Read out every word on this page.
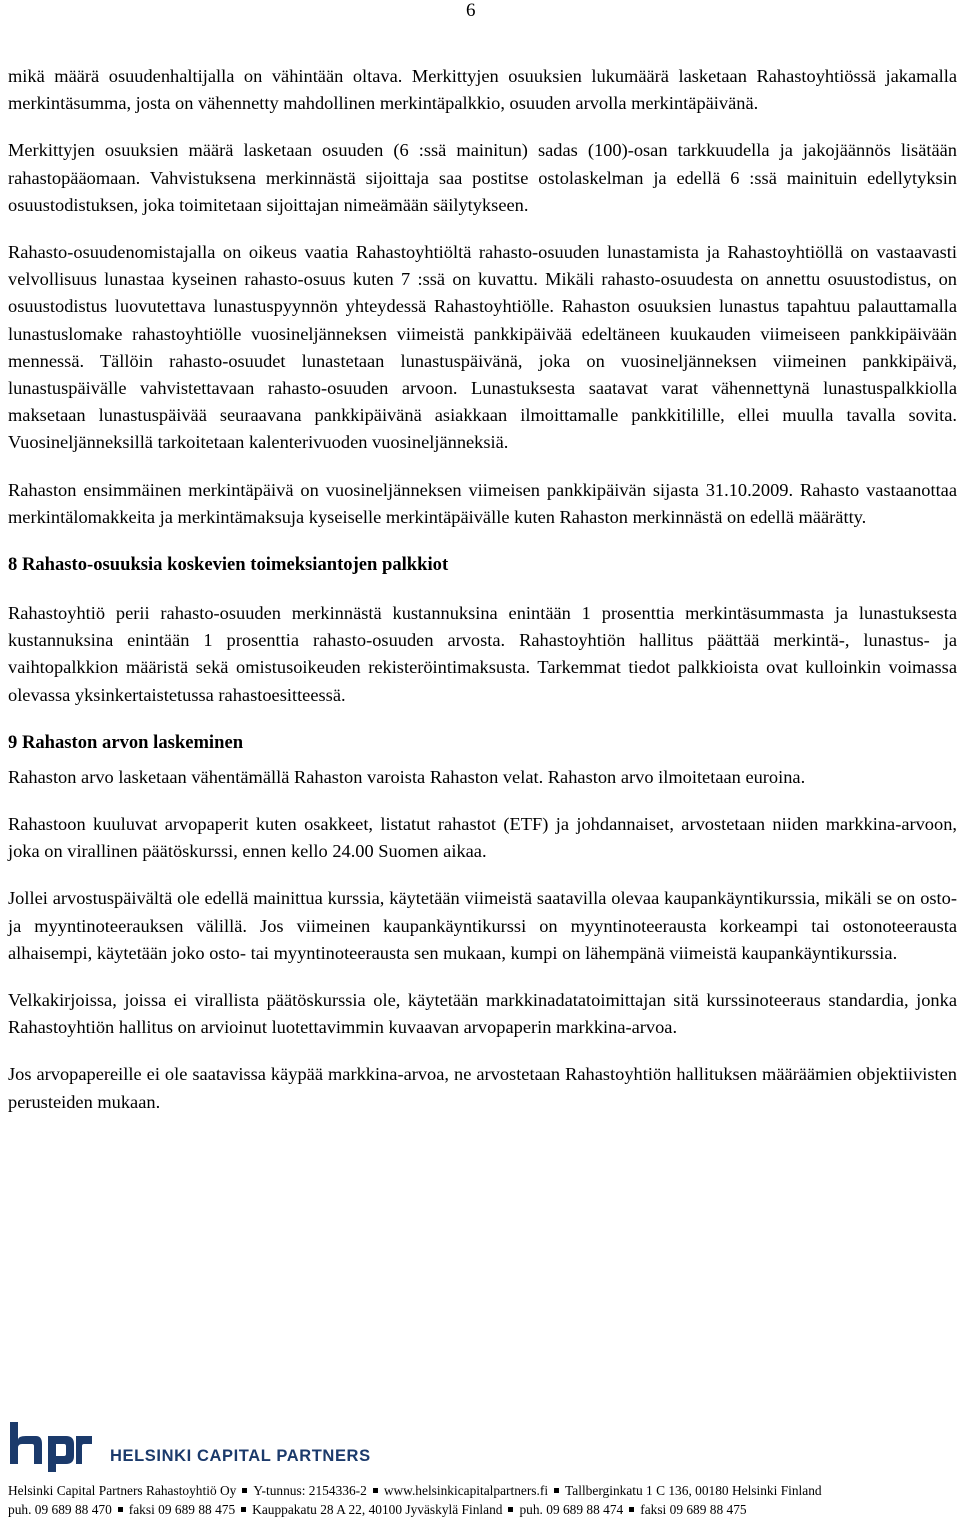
6

mikä määrä osuudenhaltijalla on vähintään oltava. Merkittyjen osuuksien lukumäärä lasketaan Rahastoyhtiössä jakamalla merkintäsumma, josta on vähennetty mahdollinen merkintäpalkkio, osuuden arvolla merkintäpäivänä.

Merkittyjen osuuksien määrä lasketaan osuuden (6 :ssä mainitun) sadas (100)-osan tarkkuudella ja jakojäännös lisätään rahastopääomaan. Vahvistuksena merkinnästä sijoittaja saa postitse ostolaskelman ja edellä 6 :ssä mainituin edellytyksin osuustodistuksen, joka toimitetaan sijoittajan nimeämään säilytykseen.

Rahasto-osuudenomistajalla on oikeus vaatia Rahastoyhtiöltä rahasto-osuuden lunastamista ja Rahastoyhtiöllä on vastaavasti velvollisuus lunastaa kyseinen rahasto-osuus kuten 7 :ssä on kuvattu. Mikäli rahasto-osuudesta on annettu osuustodistus, on osuustodistus luovutettava lunastuspyynnön yhteydessä Rahastoyhtiölle. Rahaston osuuksien lunastus tapahtuu palauttamalla lunastuslomake rahastoyhtiölle vuosineljänneksen viimeistä pankkipäivää edeltäneen kuukauden viimeiseen pankkipäivään mennessä. Tällöin rahasto-osuudet lunastetaan lunastuspäivänä, joka on vuosineljänneksen viimeinen pankkipäivä, lunastuspäivälle vahvistettavaan rahasto-osuuden arvoon. Lunastuksesta saatavat varat vähennettynä lunastuspalkkiolla maksetaan lunastuspäivää seuraavana pankkipäivänä asiakkaan ilmoittamalle pankkitilille, ellei muulla tavalla sovita. Vuosineljänneksillä tarkoitetaan kalenterivuoden vuosineljänneksiä.

Rahaston ensimmäinen merkintäpäivä on vuosineljänneksen viimeisen pankkipäivän sijasta 31.10.2009. Rahasto vastaanottaa merkintälomakkeita ja merkintämaksuja kyseiselle merkintäpäivälle kuten Rahaston merkinnästä on edellä määrätty.

8 Rahasto-osuuksia koskevien toimeksiantojen palkkiot

Rahastoyhtiö perii rahasto-osuuden merkinnästä kustannuksina enintään 1 prosenttia merkintäsummasta ja lunastuksesta kustannuksina enintään 1 prosenttia rahasto-osuuden arvosta. Rahastoyhtiön hallitus päättää merkintä-, lunastus- ja vaihtopalkkion määristä sekä omistusoikeuden rekisteröintimaksusta. Tarkemmat tiedot palkkioista ovat kulloinkin voimassa olevassa yksinkertaistetussa rahastoesitteessä.

9 Rahaston arvon laskeminen

Rahaston arvo lasketaan vähentämällä Rahaston varoista Rahaston velat. Rahaston arvo ilmoitetaan euroina.

Rahastoon kuuluvat arvopaperit kuten osakkeet, listatut rahastot (ETF) ja johdannaiset, arvostetaan niiden markkina-arvoon, joka on virallinen päätöskurssi, ennen kello 24.00 Suomen aikaa.

Jollei arvostuspäivältä ole edellä mainittua kurssia, käytetään viimeistä saatavilla olevaa kaupankäyntikurssia, mikäli se on osto- ja myyntinoteerauksen välillä. Jos viimeinen kaupankäyntikurssi on myyntinoteerausta korkeampi tai ostonoteerausta alhaisempi, käytetään joko osto- tai myyntinoteerausta sen mukaan, kumpi on lähempänä viimeistä kaupankäyntikurssia.

Velkakirjoissa, joissa ei virallista päätöskurssia ole, käytetään markkinadatatoimittajan sitä kurssinoteeraus standardia, jonka Rahastoyhtiön hallitus on arvioinut luotettavimmin kuvaavan arvopaperin markkina-arvoa.

Jos arvopapereille ei ole saatavissa käypää markkina-arvoa, ne arvostetaan Rahastoyhtiön hallituksen määräämien objektiivisten perusteiden mukaan.

HELSINKI CAPITAL PARTNERS
Helsinki Capital Partners Rahastoyhtiö Oy Y-tunnus: 2154336-2 www.helsinkicapitalpartners.fi Tallberginkatu 1 C 136, 00180 Helsinki Finland
puh. 09 689 88 470 faksi 09 689 88 475 Kauppakatu 28 A 22, 40100 Jyväskylä Finland puh. 09 689 88 474 faksi 09 689 88 475
